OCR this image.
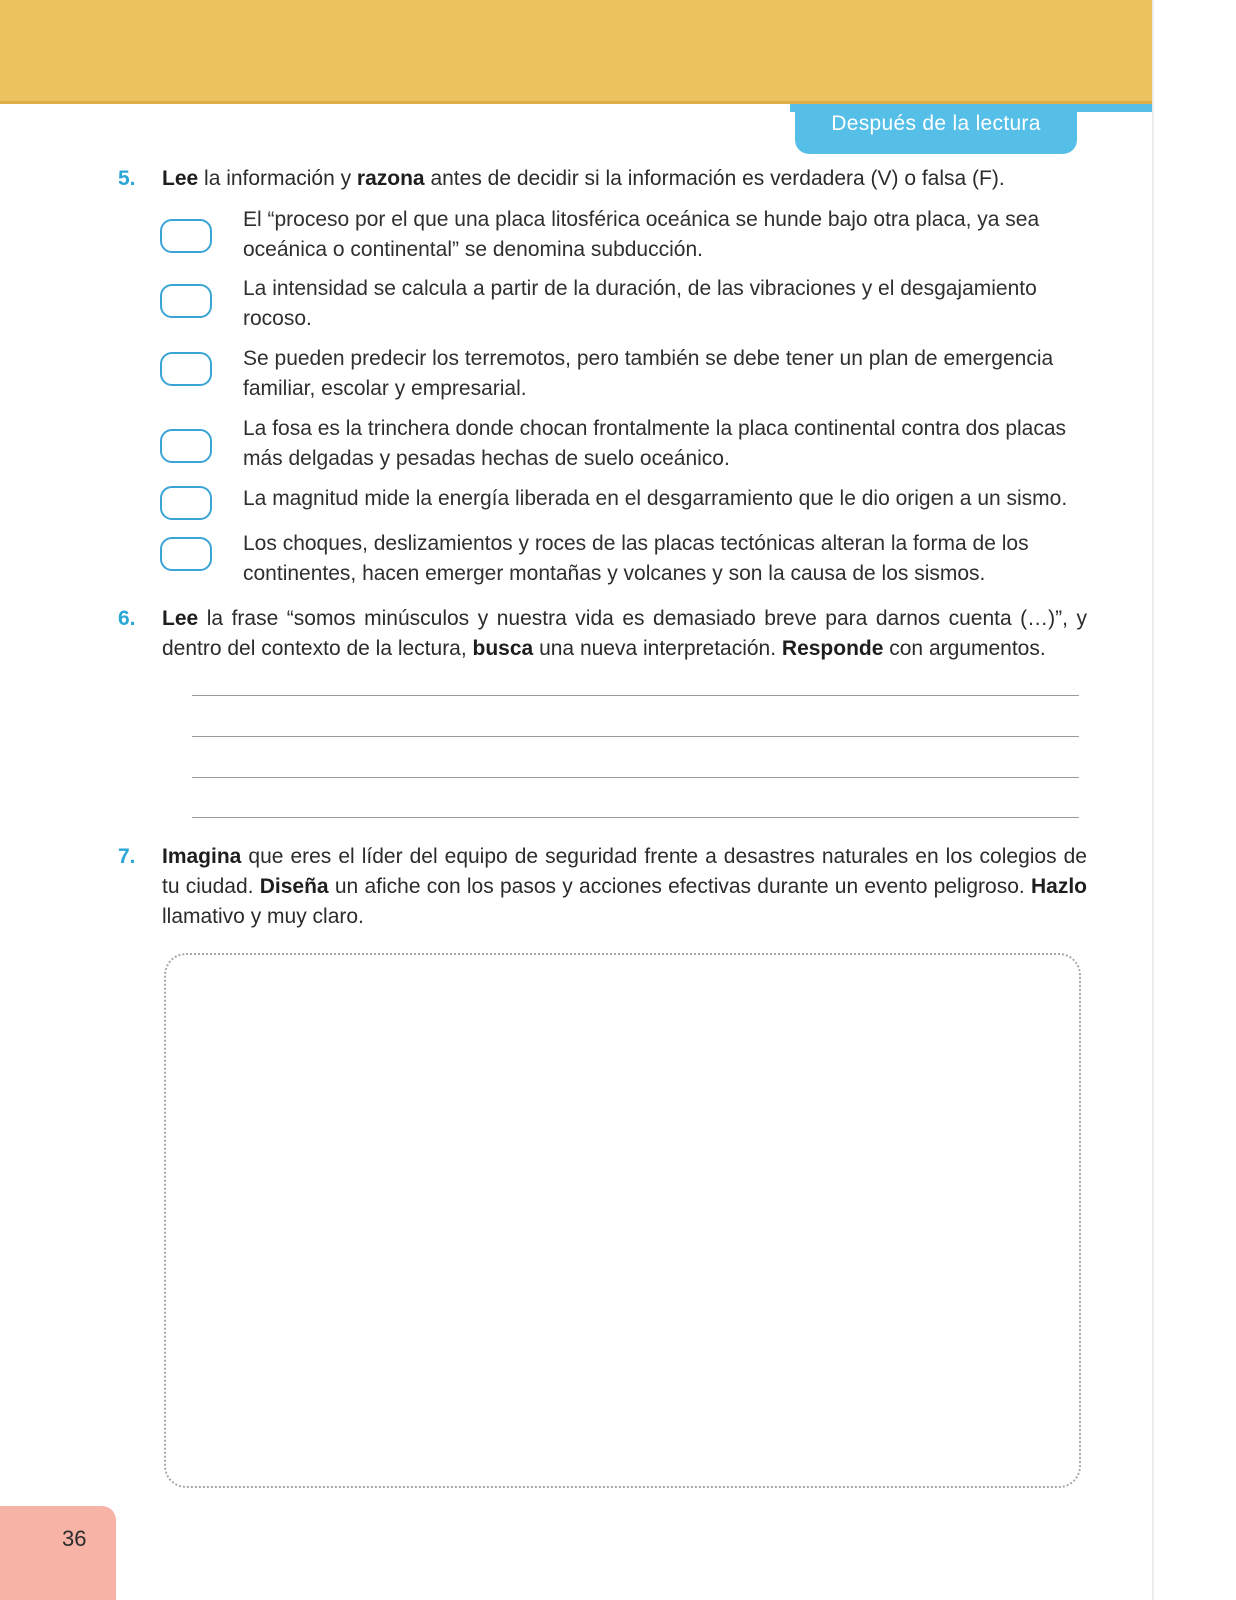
Después de la lectura
5. Lee la información y razona antes de decidir si la información es verdadera (V) o falsa (F).
El “proceso por el que una placa litosférica oceánica se hunde bajo otra placa, ya sea oceánica o continental” se denomina subducción.
La intensidad se calcula a partir de la duración, de las vibraciones y el desgajamiento rocoso.
Se pueden predecir los terremotos, pero también se debe tener un plan de emergencia familiar, escolar y empresarial.
La fosa es la trinchera donde chocan frontalmente la placa continental contra dos placas más delgadas y pesadas hechas de suelo oceánico.
La magnitud mide la energía liberada en el desgarramiento que le dio origen a un sismo.
Los choques, deslizamientos y roces de las placas tectónicas alteran la forma de los continentes, hacen emerger montañas y volcanes y son la causa de los sismos.
6. Lee la frase “somos minúsculos y nuestra vida es demasiado breve para darnos cuenta (…)”, y dentro del contexto de la lectura, busca una nueva interpretación. Responde con argumentos.
7. Imagina que eres el líder del equipo de seguridad frente a desastres naturales en los colegios de tu ciudad. Diseña un afiche con los pasos y acciones efectivas durante un evento peligroso. Hazlo llamativo y muy claro.
36
